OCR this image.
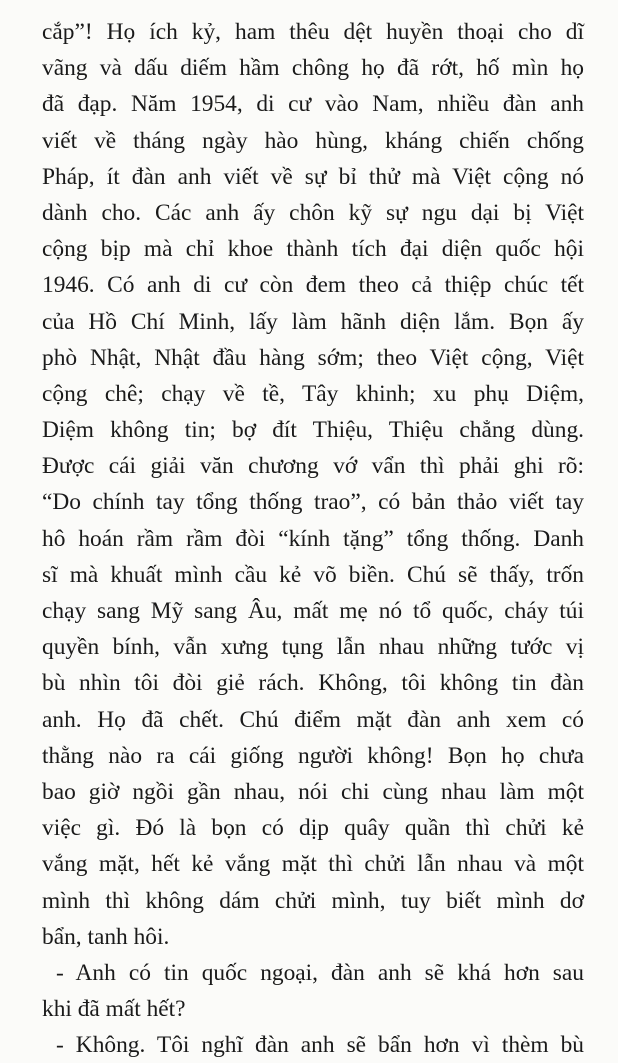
cắp”! Họ ích kỷ, ham thêu dệt huyền thoại cho dĩ
vãng và dấu diếm hầm chông họ đã rớt, hố mìn họ
đã đạp. Năm 1954, di cư vào Nam, nhiều đàn anh
viết về tháng ngày hào hùng, kháng chiến chống
Pháp, ít đàn anh viết về sự bỉ thử mà Việt cộng nó
dành cho. Các anh ấy chôn kỹ sự ngu dại bị Việt
cộng bịp mà chỉ khoe thành tích đại diện quốc hội
1946. Có anh di cư còn đem theo cả thiệp chúc tết
của Hồ Chí Minh, lấy làm hãnh diện lắm. Bọn ấy
phò Nhật, Nhật đầu hàng sớm; theo Việt cộng, Việt
cộng chê; chạy về tề, Tây khinh; xu phụ Diệm,
Diệm không tin; bợ đít Thiệu, Thiệu chẳng dùng.
Được cái giải văn chương vớ vẩn thì phải ghi rõ:
“Do chính tay tổng thống trao”, có bản thảo viết tay
hô hoán rầm rầm đòi “kính tặng” tổng thống. Danh
sĩ mà khuất mình cầu kẻ võ biền. Chú sẽ thấy, trốn
chạy sang Mỹ sang Âu, mất mẹ nó tổ quốc, cháy túi
quyền bính, vẫn xưng tụng lẫn nhau những tước vị
bù nhìn tôi đòi giẻ rách. Không, tôi không tin đàn
anh. Họ đã chết. Chú điểm mặt đàn anh xem có
thằng nào ra cái giống người không! Bọn họ chưa
bao giờ ngồi gần nhau, nói chi cùng nhau làm một
việc gì. Đó là bọn có dịp quây quần thì chửi kẻ
vắng mặt, hết kẻ vắng mặt thì chửi lẫn nhau và một
mình thì không dám chửi mình, tuy biết mình dơ
bẩn, tanh hôi.
- Anh có tin quốc ngoại, đàn anh sẽ khá hơn sau
khi đã mất hết?
- Không. Tôi nghĩ đàn anh sẽ bẩn hơn vì thèm bù
